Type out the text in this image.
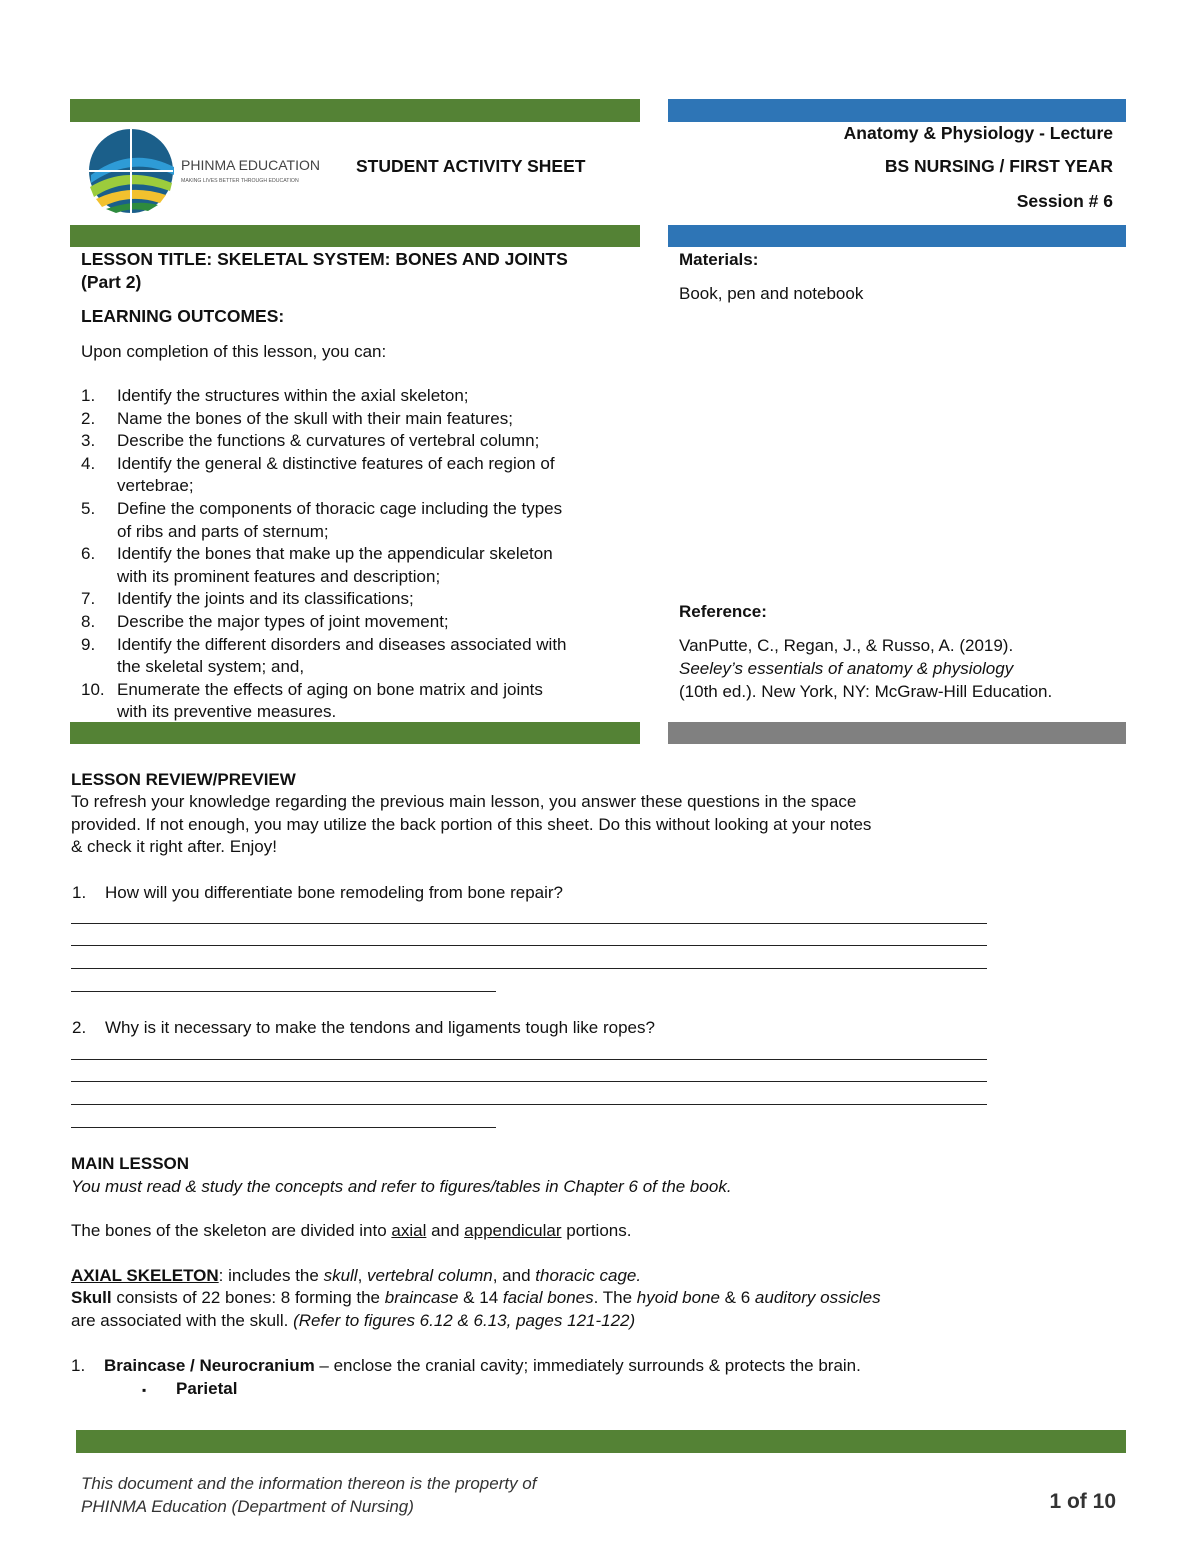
PHINMA EDUCATION
MAKING LIVES BETTER THROUGH EDUCATION
STUDENT ACTIVITY SHEET
Anatomy & Physiology - Lecture
BS NURSING / FIRST YEAR
Session # 6
LESSON TITLE: SKELETAL SYSTEM: BONES AND JOINTS
(Part 2)
LEARNING OUTCOMES:
Upon completion of this lesson, you can:
1. Identify the structures within the axial skeleton;
2. Name the bones of the skull with their main features;
3. Describe the functions & curvatures of vertebral column;
4. Identify the general & distinctive features of each region of
vertebrae;
5. Define the components of thoracic cage including the types
of ribs and parts of sternum;
6. Identify the bones that make up the appendicular skeleton
with its prominent features and description;
7. Identify the joints and its classifications;
8. Describe the major types of joint movement;
9. Identify the different disorders and diseases associated with
the skeletal system; and,
10. Enumerate the effects of aging on bone matrix and joints
with its preventive measures.
Materials:
Book, pen and notebook
Reference:
VanPutte, C., Regan, J., & Russo, A. (2019).
Seeley’s essentials of anatomy & physiology
(10th ed.). New York, NY: McGraw-Hill Education.
LESSON REVIEW/PREVIEW
To refresh your knowledge regarding the previous main lesson, you answer these questions in the space
provided. If not enough, you may utilize the back portion of this sheet. Do this without looking at your notes
& check it right after. Enjoy!
1. How will you differentiate bone remodeling from bone repair?
2. Why is it necessary to make the tendons and ligaments tough like ropes?
MAIN LESSON
You must read & study the concepts and refer to figures/tables in Chapter 6 of the book.
The bones of the skeleton are divided into axial and appendicular portions.
AXIAL SKELETON: includes the skull, vertebral column, and thoracic cage.
Skull consists of 22 bones: 8 forming the braincase & 14 facial bones. The hyoid bone & 6 auditory ossicles
are associated with the skull. (Refer to figures 6.12 & 6.13, pages 121-122)
1. Braincase / Neurocranium – enclose the cranial cavity; immediately surrounds & protects the brain.
▪ Parietal
This document and the information thereon is the property of
PHINMA Education (Department of Nursing)	1 of 10
